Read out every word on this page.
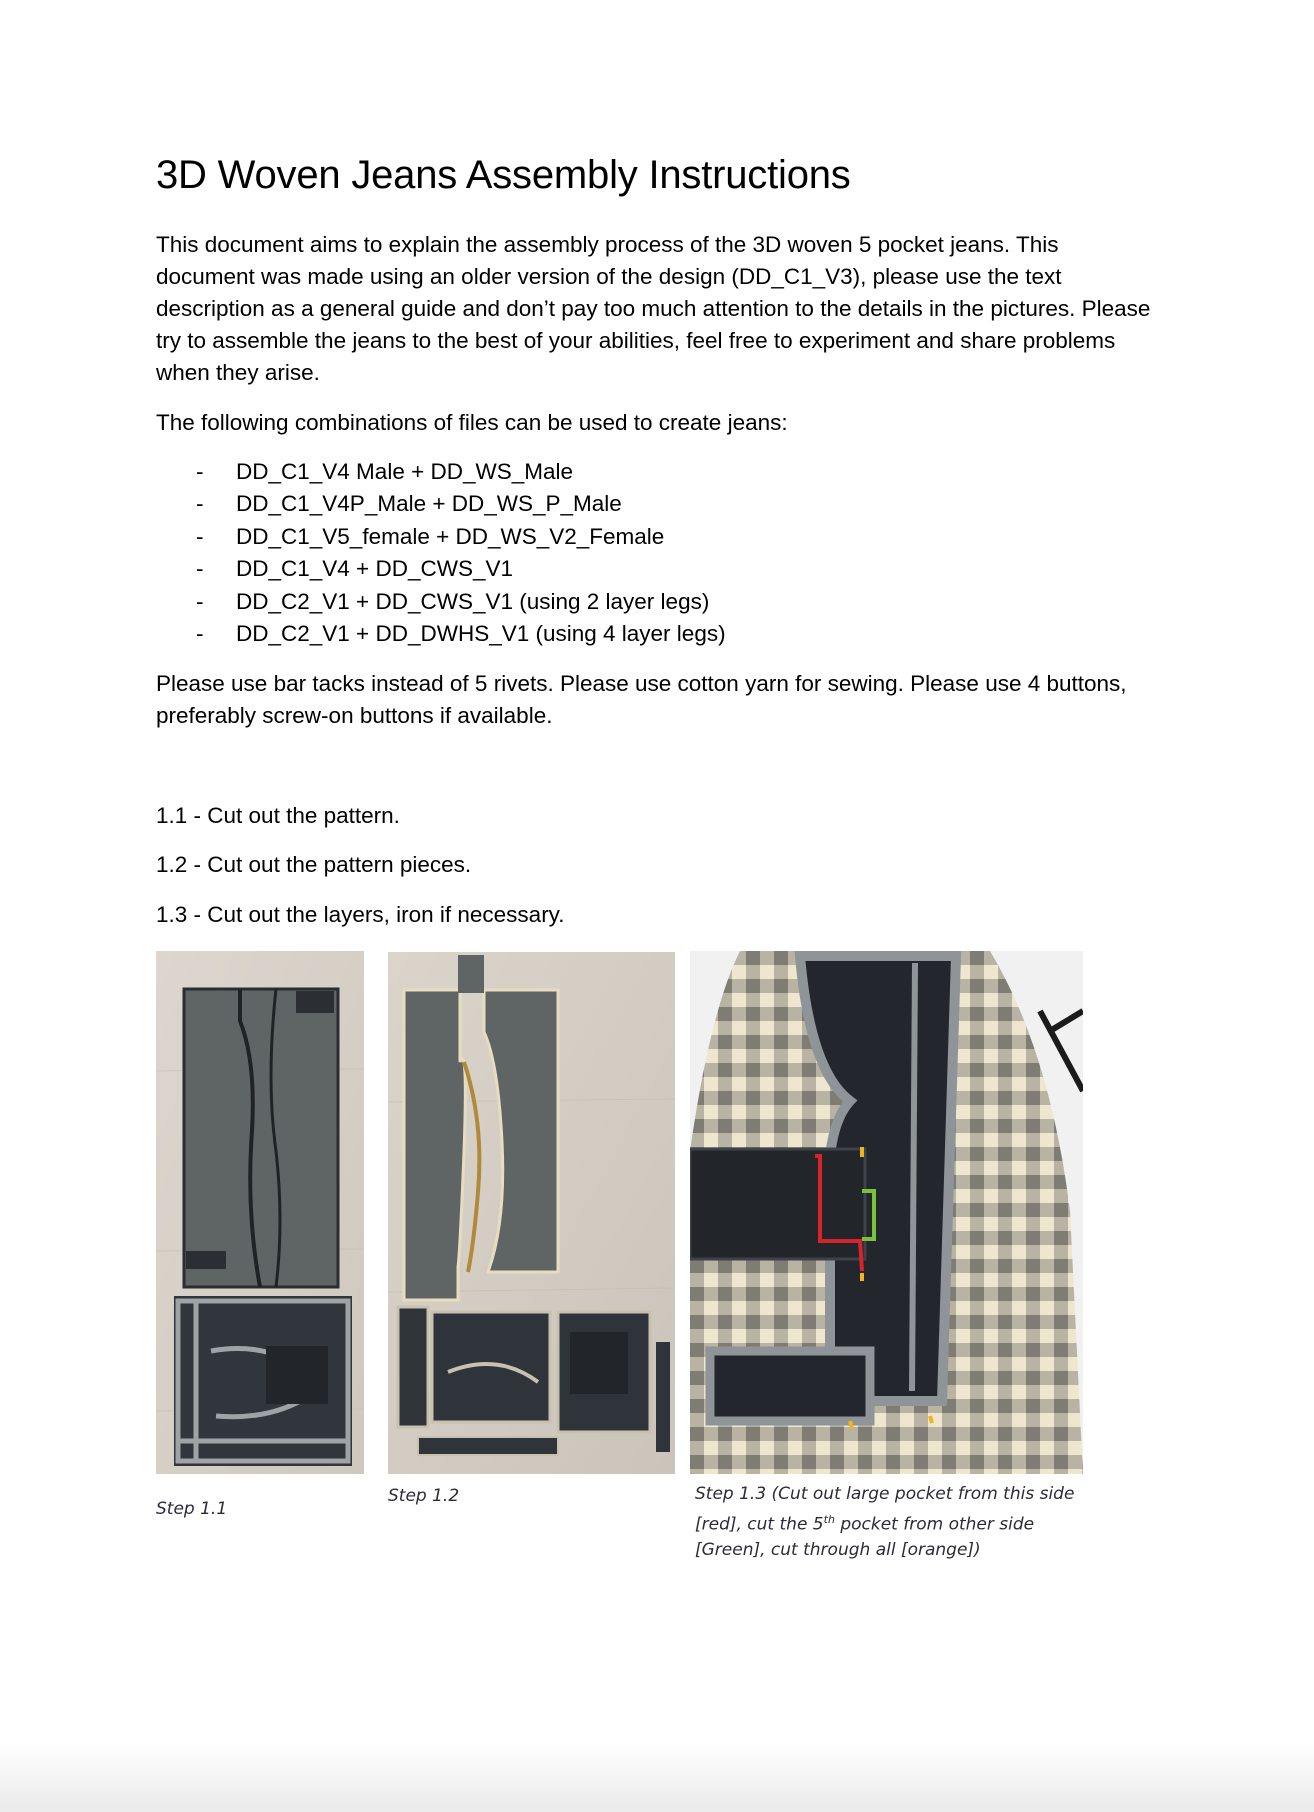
3D Woven Jeans Assembly Instructions

This document aims to explain the assembly process of the 3D woven 5 pocket jeans. This document was made using an older version of the design (DD_C1_V3), please use the text description as a general guide and don’t pay too much attention to the details in the pictures. Please try to assemble the jeans to the best of your abilities, feel free to experiment and share problems when they arise.

The following combinations of files can be used to create jeans:

- DD_C1_V4 Male + DD_WS_Male
- DD_C1_V4P_Male + DD_WS_P_Male
- DD_C1_V5_female + DD_WS_V2_Female
- DD_C1_V4 + DD_CWS_V1
- DD_C2_V1 + DD_CWS_V1 (using 2 layer legs)
- DD_C2_V1 + DD_DWHS_V1 (using 4 layer legs)

Please use bar tacks instead of 5 rivets. Please use cotton yarn for sewing. Please use 4 buttons, preferably screw-on buttons if available.

1.1 - Cut out the pattern.

1.2 - Cut out the pattern pieces.

1.3 - Cut out the layers, iron if necessary.

Step 1.1

Step 1.2	Step 1.3 (Cut out large pocket from this side [red], cut the 5th pocket from other side [Green], cut through all [orange])
